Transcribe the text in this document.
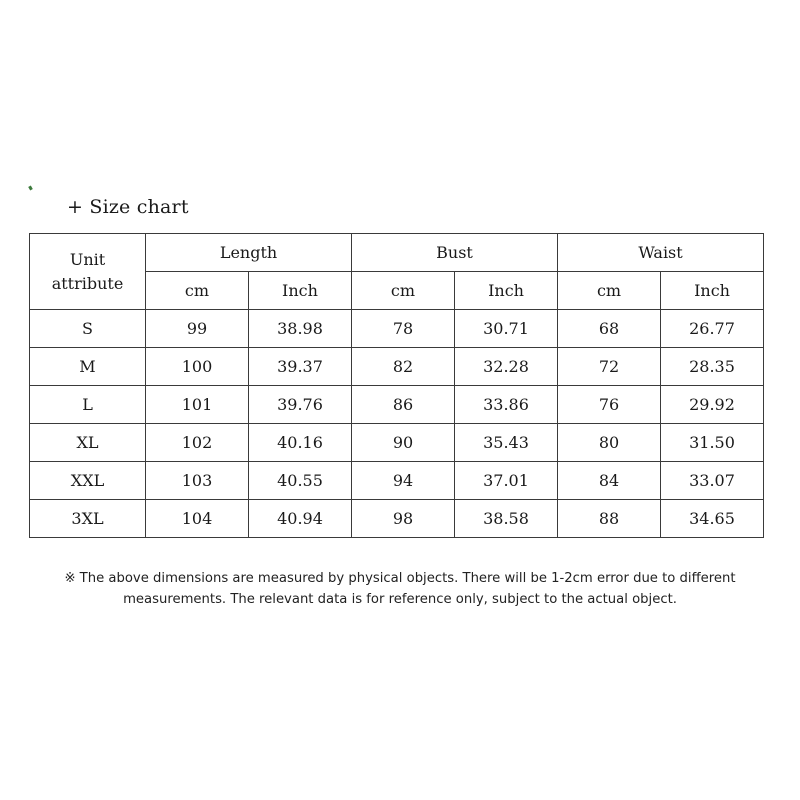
+ Size chart
Unit
attribute	Length		Bust		Waist	
	cm	Inch	cm	Inch	cm	Inch
S	99	38.98	78	30.71	68	26.77
M	100	39.37	82	32.28	72	28.35
L	101	39.76	86	33.86	76	29.92
XL	102	40.16	90	35.43	80	31.50
XXL	103	40.55	94	37.01	84	33.07
3XL	104	40.94	98	38.58	88	34.65
※ The above dimensions are measured by physical objects. There will be 1-2cm error due to different
measurements. The relevant data is for reference only, subject to the actual object.
